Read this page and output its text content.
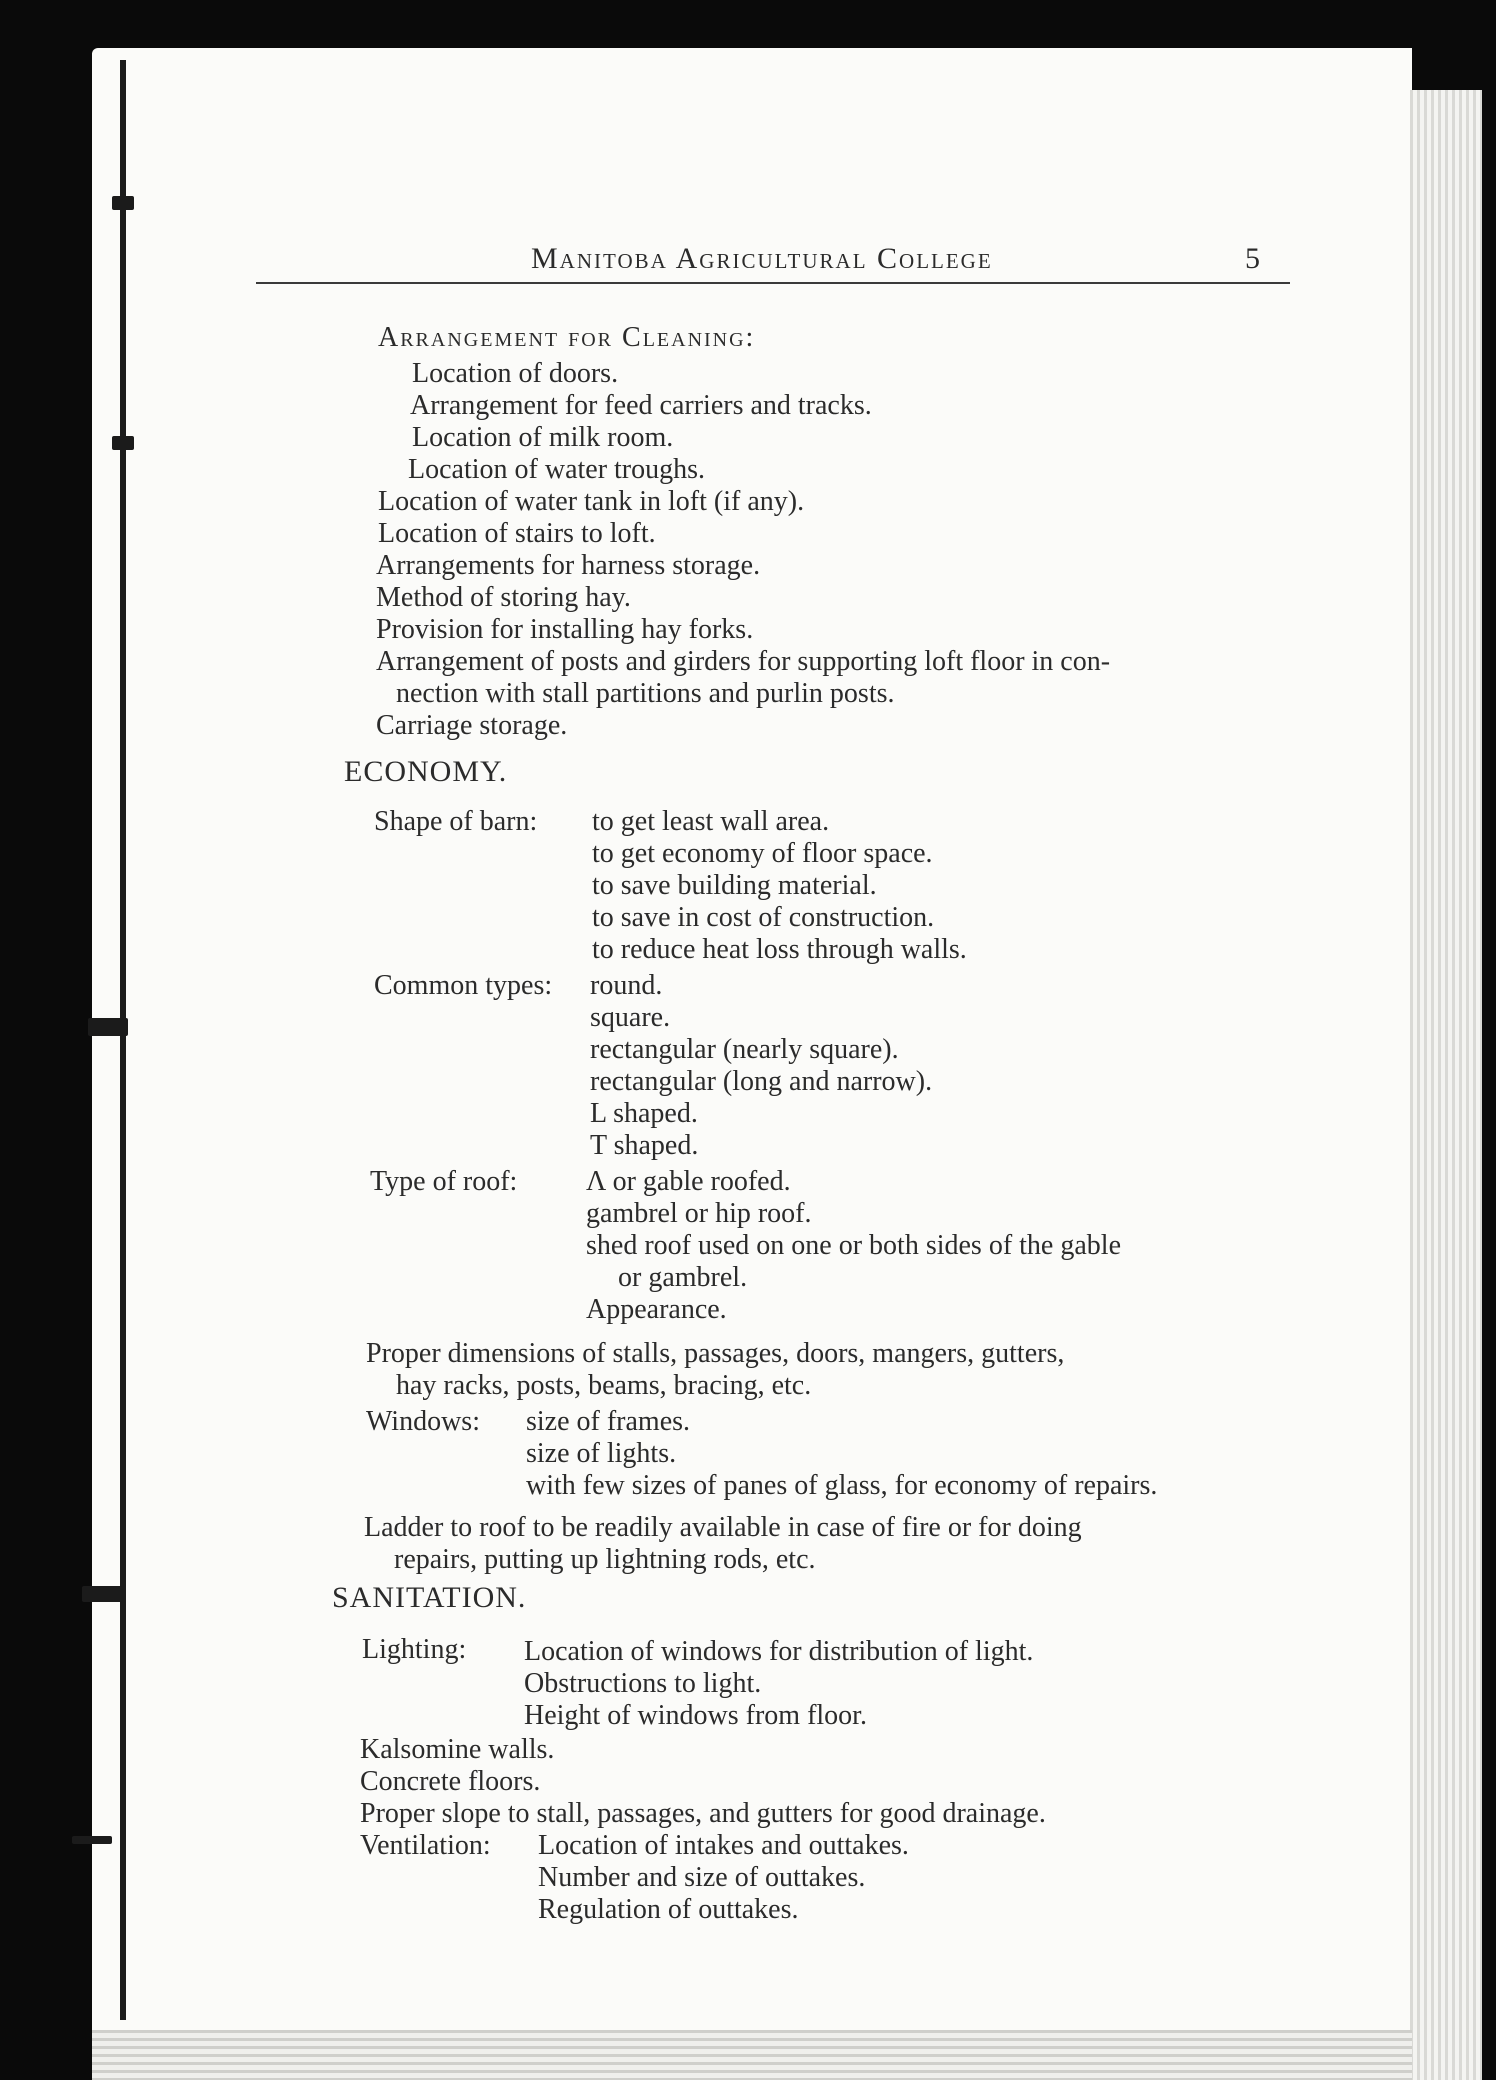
Manitoba Agricultural College	5
Arrangement for Cleaning:
Location of doors.
Arrangement for feed carriers and tracks.
Location of milk room.
Location of water troughs.
Location of water tank in loft (if any).
Location of stairs to loft.
Arrangements for harness storage.
Method of storing hay.
Provision for installing hay forks.
Arrangement of posts and girders for supporting loft floor in con-
nection with stall partitions and purlin posts.
Carriage storage.
ECONOMY.
Shape of barn: to get least wall area.
to get economy of floor space.
to save building material.
to save in cost of construction.
to reduce heat loss through walls.
Common types: round.
square.
rectangular (nearly square).
rectangular (long and narrow).
L shaped.
T shaped.
Type of roof: Λ or gable roofed.
gambrel or hip roof.
shed roof used on one or both sides of the gable
or gambrel.
Appearance.
Proper dimensions of stalls, passages, doors, mangers, gutters,
hay racks, posts, beams, bracing, etc.
Windows: size of frames.
size of lights.
with few sizes of panes of glass, for economy of repairs.
Ladder to roof to be readily available in case of fire or for doing
repairs, putting up lightning rods, etc.
SANITATION.
Lighting: Location of windows for distribution of light.
Obstructions to light.
Height of windows from floor.
Kalsomine walls.
Concrete floors.
Proper slope to stall, passages, and gutters for good drainage.
Ventilation: Location of intakes and outtakes.
Number and size of outtakes.
Regulation of outtakes.
